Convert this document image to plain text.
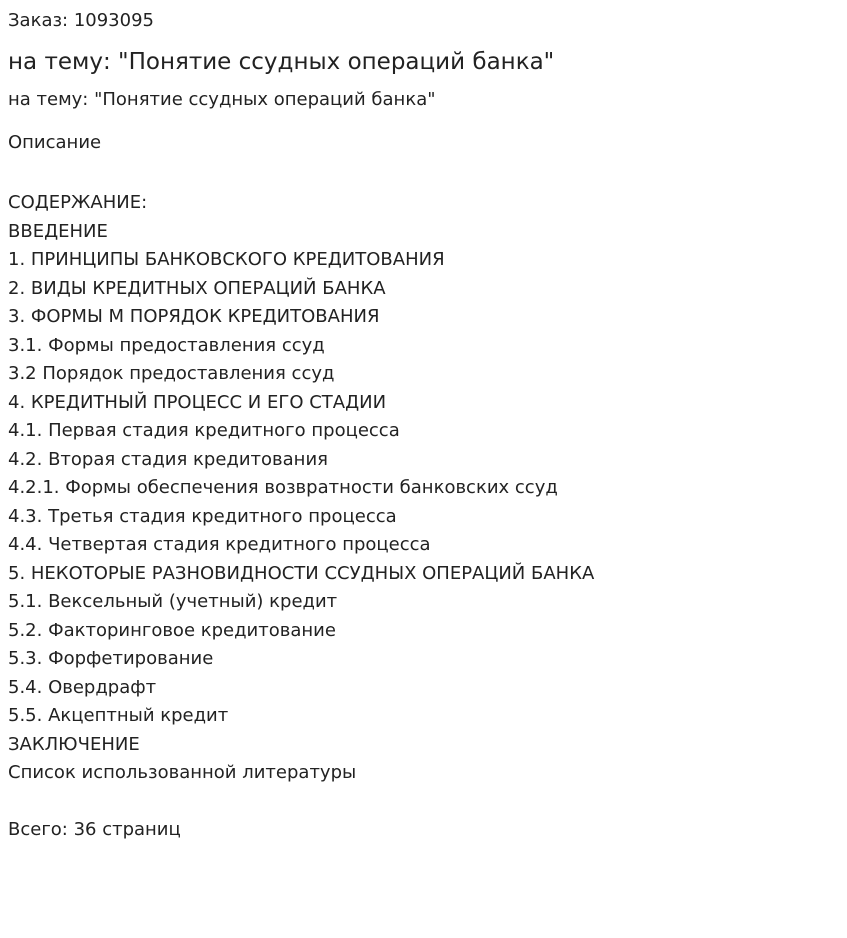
Заказ: 1093095
на тему: "Понятие ссудных операций банка"
на тему: "Понятие ссудных операций банка"
Описание
СОДЕРЖАНИЕ:
ВВЕДЕНИЕ
1. ПРИНЦИПЫ БАНКОВСКОГО КРЕДИТОВАНИЯ
2. ВИДЫ КРЕДИТНЫХ ОПЕРАЦИЙ БАНКА
3. ФОРМЫ М ПОРЯДОК КРЕДИТОВАНИЯ
3.1. Формы предоставления ссуд
3.2 Порядок предоставления ссуд
4. КРЕДИТНЫЙ ПРОЦЕСС И ЕГО СТАДИИ
4.1. Первая стадия кредитного процесса
4.2. Вторая стадия кредитования
4.2.1. Формы обеспечения возвратности банковских ссуд
4.3. Третья стадия кредитного процесса
4.4. Четвертая стадия кредитного процесса
5. НЕКОТОРЫЕ РАЗНОВИДНОСТИ ССУДНЫХ ОПЕРАЦИЙ БАНКА
5.1. Вексельный (учетный) кредит
5.2. Факторинговое кредитование
5.3. Форфетирование
5.4. Овердрафт
5.5. Акцептный кредит
ЗАКЛЮЧЕНИЕ
Список использованной литературы
Всего: 36 страниц
